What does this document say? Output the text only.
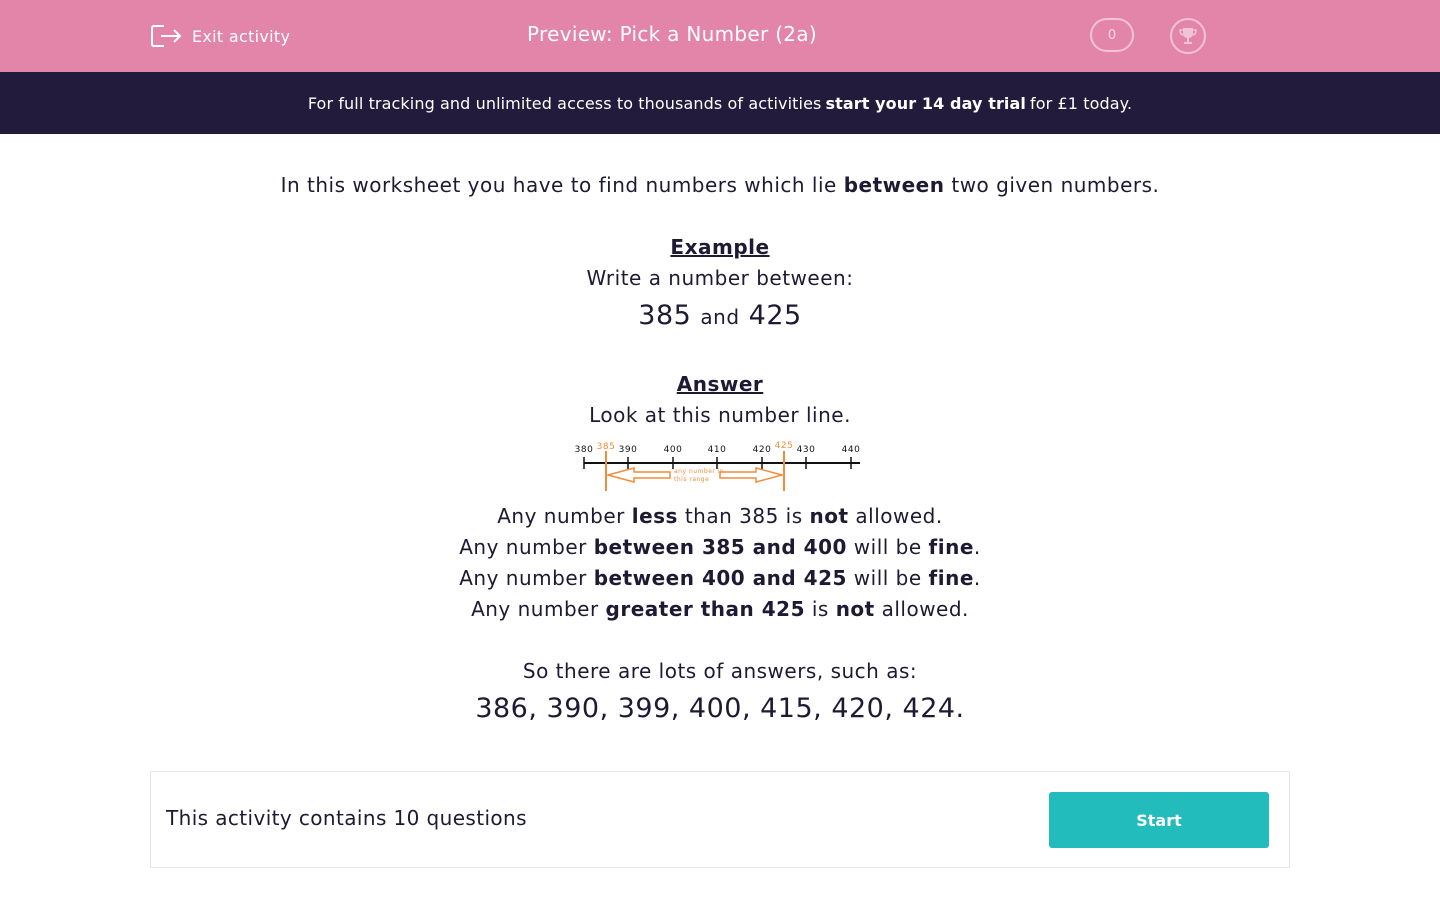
Exit activity	Preview: Pick a Number (2a)	0
For full tracking and unlimited access to thousands of activities start your 14 day trial for £1 today.
In this worksheet you have to find numbers which lie between two given numbers.
Example
Write a number between:
385 and 425
Answer
Look at this number line.
380	390	400	410	420	430	440
385	425
any number in
this range
Any number less than 385 is not allowed.
Any number between 385 and 400 will be fine.
Any number between 400 and 425 will be fine.
Any number greater than 425 is not allowed.
So there are lots of answers, such as:
386, 390, 399, 400, 415, 420, 424.
This activity contains 10 questions	Start
